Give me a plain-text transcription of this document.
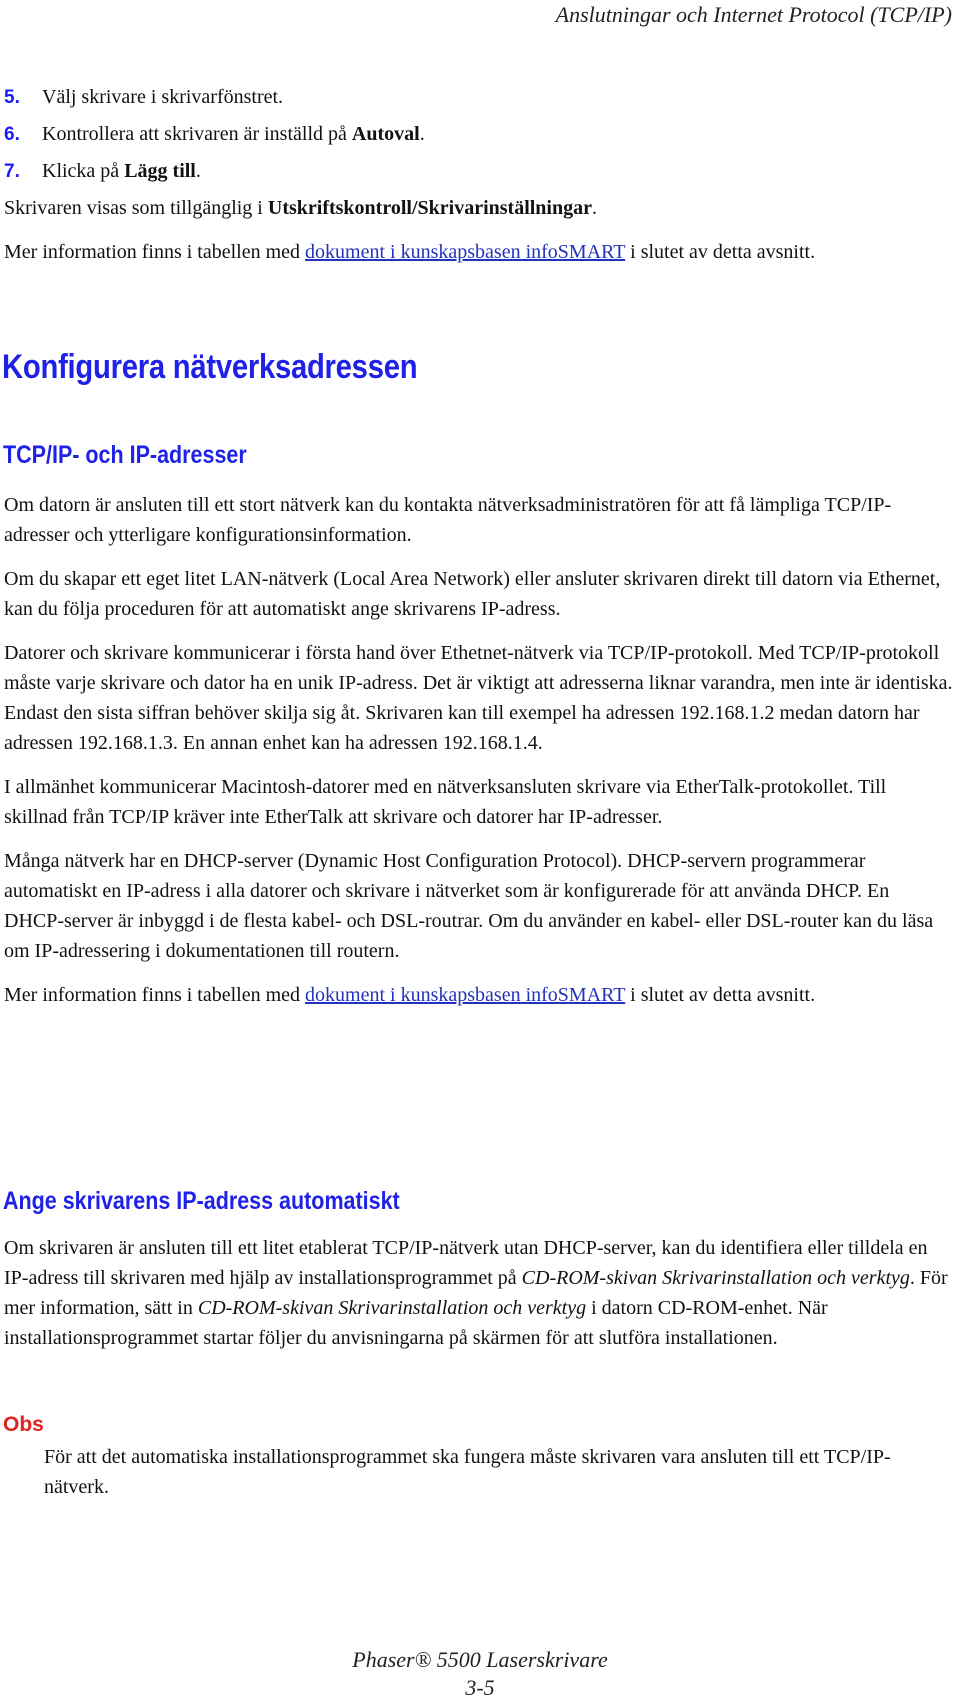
Anslutningar och Internet Protocol (TCP/IP)
5.	Välj skrivare i skrivarfönstret.
6.	Kontrollera att skrivaren är inställd på Autoval.
7.	Klicka på Lägg till.

Skrivaren visas som tillgänglig i Utskriftskontroll/Skrivarinställningar.

Mer information finns i tabellen med dokument i kunskapsbasen infoSMART i slutet av detta avsnitt.

Konfigurera nätverksadressen
TCP/IP- och IP-adresser

Om datorn är ansluten till ett stort nätverk kan du kontakta nätverksadministratören för att få lämpliga TCP/IP-adresser och ytterligare konfigurationsinformation.

Om du skapar ett eget litet LAN-nätverk (Local Area Network) eller ansluter skrivaren direkt till datorn via Ethernet, kan du följa proceduren för att automatiskt ange skrivarens IP-adress.

Datorer och skrivare kommunicerar i första hand över Ethetnet-nätverk via TCP/IP-protokoll. Med TCP/IP-protokoll måste varje skrivare och dator ha en unik IP-adress. Det är viktigt att adresserna liknar varandra, men inte är identiska. Endast den sista siffran behöver skilja sig åt. Skrivaren kan till exempel ha adressen 192.168.1.2 medan datorn har adressen 192.168.1.3. En annan enhet kan ha adressen 192.168.1.4.

I allmänhet kommunicerar Macintosh-datorer med en nätverksansluten skrivare via EtherTalk-protokollet. Till skillnad från TCP/IP kräver inte EtherTalk att skrivare och datorer har IP-adresser.

Många nätverk har en DHCP-server (Dynamic Host Configuration Protocol). DHCP-servern programmerar automatiskt en IP-adress i alla datorer och skrivare i nätverket som är konfigurerade för att använda DHCP. En DHCP-server är inbyggd i de flesta kabel- och DSL-routrar. Om du använder en kabel- eller DSL-router kan du läsa om IP-adressering i dokumentationen till routern.

Mer information finns i tabellen med dokument i kunskapsbasen infoSMART i slutet av detta avsnitt.

Ange skrivarens IP-adress automatiskt

Om skrivaren är ansluten till ett litet etablerat TCP/IP-nätverk utan DHCP-server, kan du identifiera eller tilldela en IP-adress till skrivaren med hjälp av installationsprogrammet på CD-ROM-skivan Skrivarinstallation och verktyg. För mer information, sätt in CD-ROM-skivan Skrivarinstallation och verktyg i datorn CD-ROM-enhet. När installationsprogrammet startar följer du anvisningarna på skärmen för att slutföra installationen.

Obs

För att det automatiska installationsprogrammet ska fungera måste skrivaren vara ansluten till ett TCP/IP-nätverk.

Phaser® 5500 Laserskrivare
3-5
